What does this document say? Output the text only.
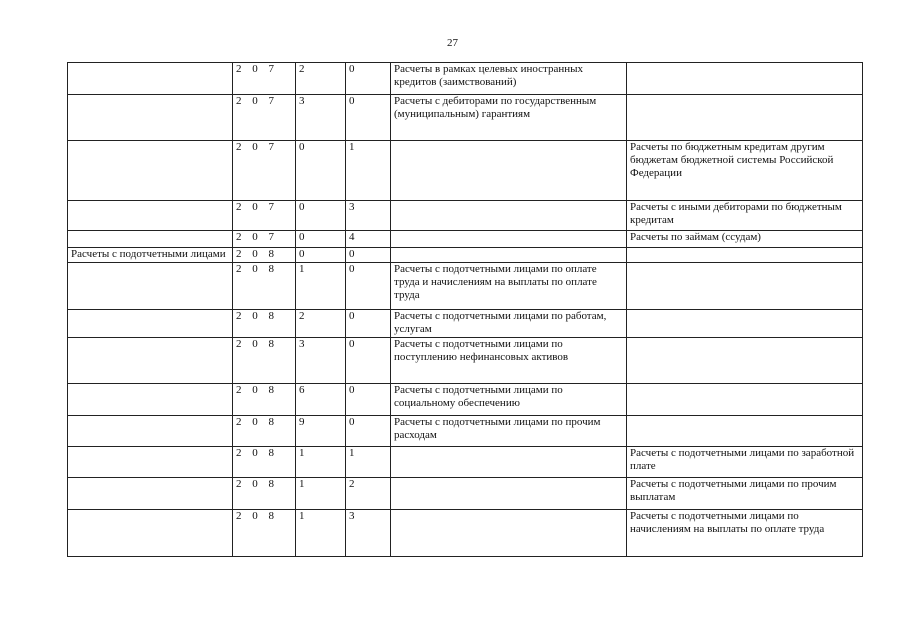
27
	2 0 7	2	0	Расчеты в рамках целевых иностранных кредитов (заимствований)	
	2 0 7	3	0	Расчеты с дебиторами по государственным (муниципальным) гарантиям	
	2 0 7	0	1		Расчеты по бюджетным кредитам другим бюджетам бюджетной системы Российской Федерации
	2 0 7	0	3		Расчеты с иными дебиторами по бюджетным кредитам
	2 0 7	0	4		Расчеты по займам (ссудам)
Расчеты с подотчетными лицами	2 0 8	0	0		
	2 0 8	1	0	Расчеты с подотчетными лицами по оплате труда и начислениям на выплаты по оплате труда	
	2 0 8	2	0	Расчеты с подотчетными лицами по работам, услугам	
	2 0 8	3	0	Расчеты с подотчетными лицами по поступлению нефинансовых активов	
	2 0 8	6	0	Расчеты с подотчетными лицами по социальному обеспечению	
	2 0 8	9	0	Расчеты с подотчетными лицами по прочим расходам	
	2 0 8	1	1		Расчеты с подотчетными лицами по заработной плате
	2 0 8	1	2		Расчеты с подотчетными лицами по прочим выплатам
	2 0 8	1	3		Расчеты с подотчетными лицами по начислениям на выплаты по оплате труда
